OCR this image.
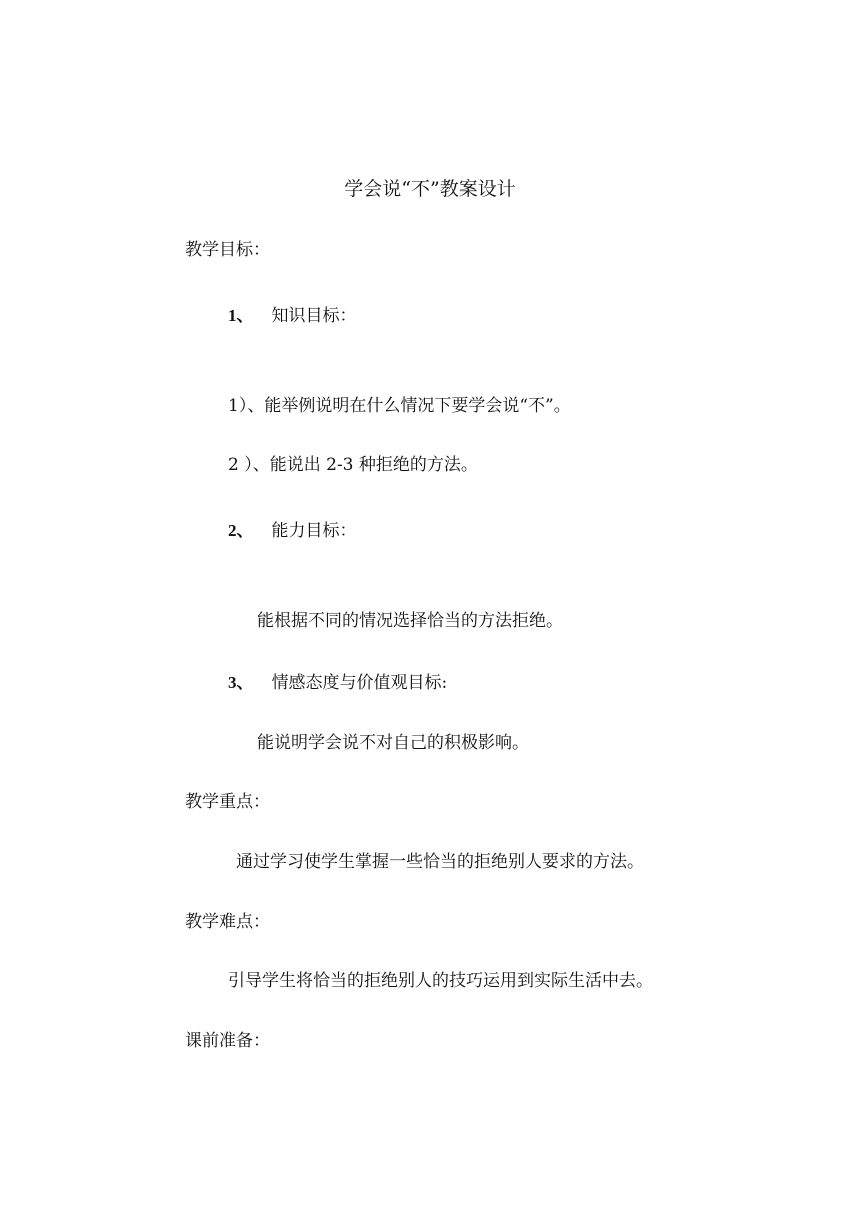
学会说“不”教案设计
教学目标：
1、 知识目标：
1）、能举例说明在什么情况下要学会说“不”。
2 ）、能说出 2-3 种拒绝的方法。
2、 能力目标：
能根据不同的情况选择恰当的方法拒绝。
3、 情感态度与价值观目标:
能说明学会说不对自己的积极影响。
教学重点：
通过学习使学生掌握一些恰当的拒绝别人要求的方法。
教学难点：
引导学生将恰当的拒绝别人的技巧运用到实际生活中去。
课前准备：
